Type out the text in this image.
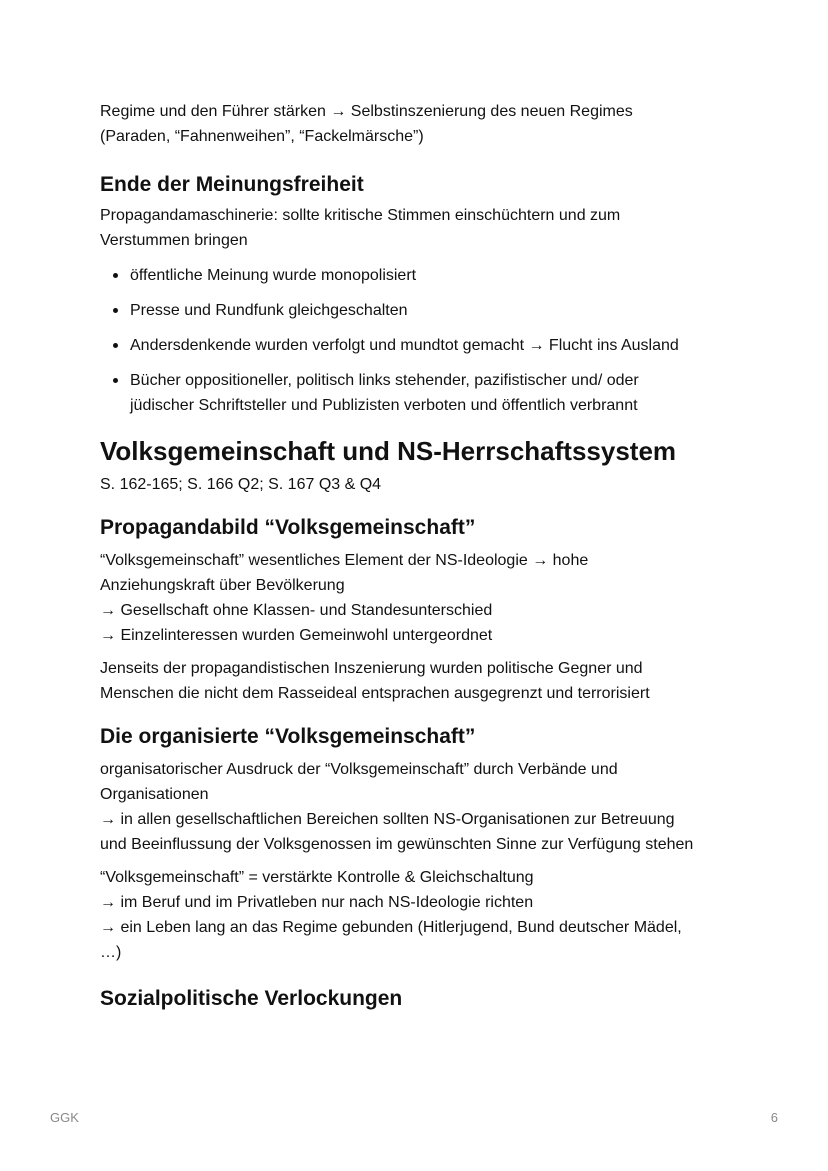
Regime und den Führer stärken → Selbstinszenierung des neuen Regimes
(Paraden, “Fahnenweihen”, “Fackelmärsche”)

Ende der Meinungsfreiheit

Propagandamaschinerie: sollte kritische Stimmen einschüchtern und zum
Verstummen bringen

öffentliche Meinung wurde monopolisiert
Presse und Rundfunk gleichgeschalten
Andersdenkende wurden verfolgt und mundtot gemacht → Flucht ins Ausland
Bücher oppositioneller, politisch links stehender, pazifistischer und/ oder
jüdischer Schriftsteller und Publizisten verboten und öffentlich verbrannt
Volksgemeinschaft und NS-Herrschaftssystem

S. 162-165; S. 166 Q2; S. 167 Q3 & Q4

Propagandabild “Volksgemeinschaft”

“Volksgemeinschaft” wesentliches Element der NS-Ideologie → hohe
Anziehungskraft über Bevölkerung
→ Gesellschaft ohne Klassen- und Standesunterschied
→ Einzelinteressen wurden Gemeinwohl untergeordnet

Jenseits der propagandistischen Inszenierung wurden politische Gegner und
Menschen die nicht dem Rasseideal entsprachen ausgegrenzt und terrorisiert

Die organisierte “Volksgemeinschaft”

organisatorischer Ausdruck der “Volksgemeinschaft” durch Verbände und
Organisationen
→ in allen gesellschaftlichen Bereichen sollten NS-Organisationen zur Betreuung
und Beeinflussung der Volksgenossen im gewünschten Sinne zur Verfügung stehen

“Volksgemeinschaft” = verstärkte Kontrolle & Gleichschaltung
→ im Beruf und im Privatleben nur nach NS-Ideologie richten
→ ein Leben lang an das Regime gebunden (Hitlerjugend, Bund deutscher Mädel,
…)

Sozialpolitische Verlockungen
GGK	6
